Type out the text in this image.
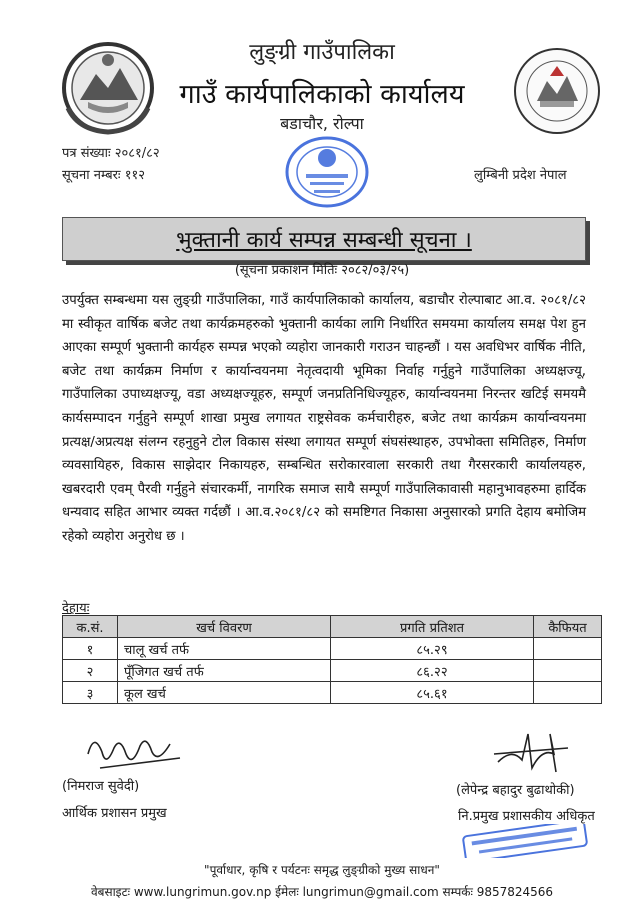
लुङ्ग्री गाउँपालिका
गाउँ कार्यपालिकाको कार्यालय
बडाचौर, रोल्पा
पत्र संख्याः २०८१/८२
सूचना नम्बरः ११२	लुम्बिनी प्रदेश नेपाल
भुक्तानी कार्य सम्पन्न सम्बन्धी सूचना ।
(सूचना प्रकाशन मितिः २०८२/०३/२५)
उपर्युक्त सम्बन्धमा यस लुङ्ग्री गाउँपालिका, गाउँ कार्यपालिकाको कार्यालय, बडाचौर रोल्पाबाट आ.व. २०८१/८२ मा स्वीकृत वार्षिक बजेट तथा कार्यक्रमहरुको भुक्तानी कार्यका लागि निर्धारित समयमा कार्यालय समक्ष पेश हुन आएका सम्पूर्ण भुक्तानी कार्यहरु सम्पन्न भएको व्यहोरा जानकारी गराउन चाहन्छौं । यस अवधिभर वार्षिक नीति, बजेट तथा कार्यक्रम निर्माण र कार्यान्वयनमा नेतृत्वदायी भूमिका निर्वाह गर्नुहुने गाउँपालिका अध्यक्षज्यू, गाउँपालिका उपाध्यक्षज्यू, वडा अध्यक्षज्यूहरु, सम्पूर्ण जनप्रतिनिधिज्यूहरु, कार्यान्वयनमा निरन्तर खटिई समयमै कार्यसम्पादन गर्नुहुने सम्पूर्ण शाखा प्रमुख लगायत राष्ट्रसेवक कर्मचारीहरु, बजेट तथा कार्यक्रम कार्यान्वयनमा प्रत्यक्ष/अप्रत्यक्ष संलग्न रहनुहुने टोल विकास संस्था लगायत सम्पूर्ण संघसंस्थाहरु, उपभोक्ता समितिहरु, निर्माण व्यवसायिहरु, विकास साझेदार निकायहरु, सम्बन्धित सरोकारवाला सरकारी तथा गैरसरकारी कार्यालयहरु, खबरदारी एवम् पैरवी गर्नुहुने संचारकर्मी, नागरिक समाज सायै सम्पूर्ण गाउँपालिकावासी महानुभावहरुमा हार्दिक धन्यवाद सहित आभार व्यक्त गर्दछौं । आ.व.२०८१/८२ को समष्टिगत निकासा अनुसारको प्रगति देहाय बमोजिम रहेको व्यहोरा अनुरोध छ ।
देहायः
क.सं.	खर्च विवरण	प्रगति प्रतिशत	कैफियत
१	चालू खर्च तर्फ	८५.२९	
२	पूँजिगत खर्च तर्फ	८६.२२	
३	कूल खर्च	८५.६१	
(निमराज सुवेदी)
आर्थिक प्रशासन प्रमुख
(लेपेन्द्र बहादुर बुढाथोकी)
नि.प्रमुख प्रशासकीय अधिकृत
"पूर्वाधार, कृषि र पर्यटनः समृद्ध लुङ्ग्रीको मुख्य साधन"
वेबसाइटः www.lungrimun.gov.np ईमेलः lungrimun@gmail.com सम्पर्कः 9857824566
